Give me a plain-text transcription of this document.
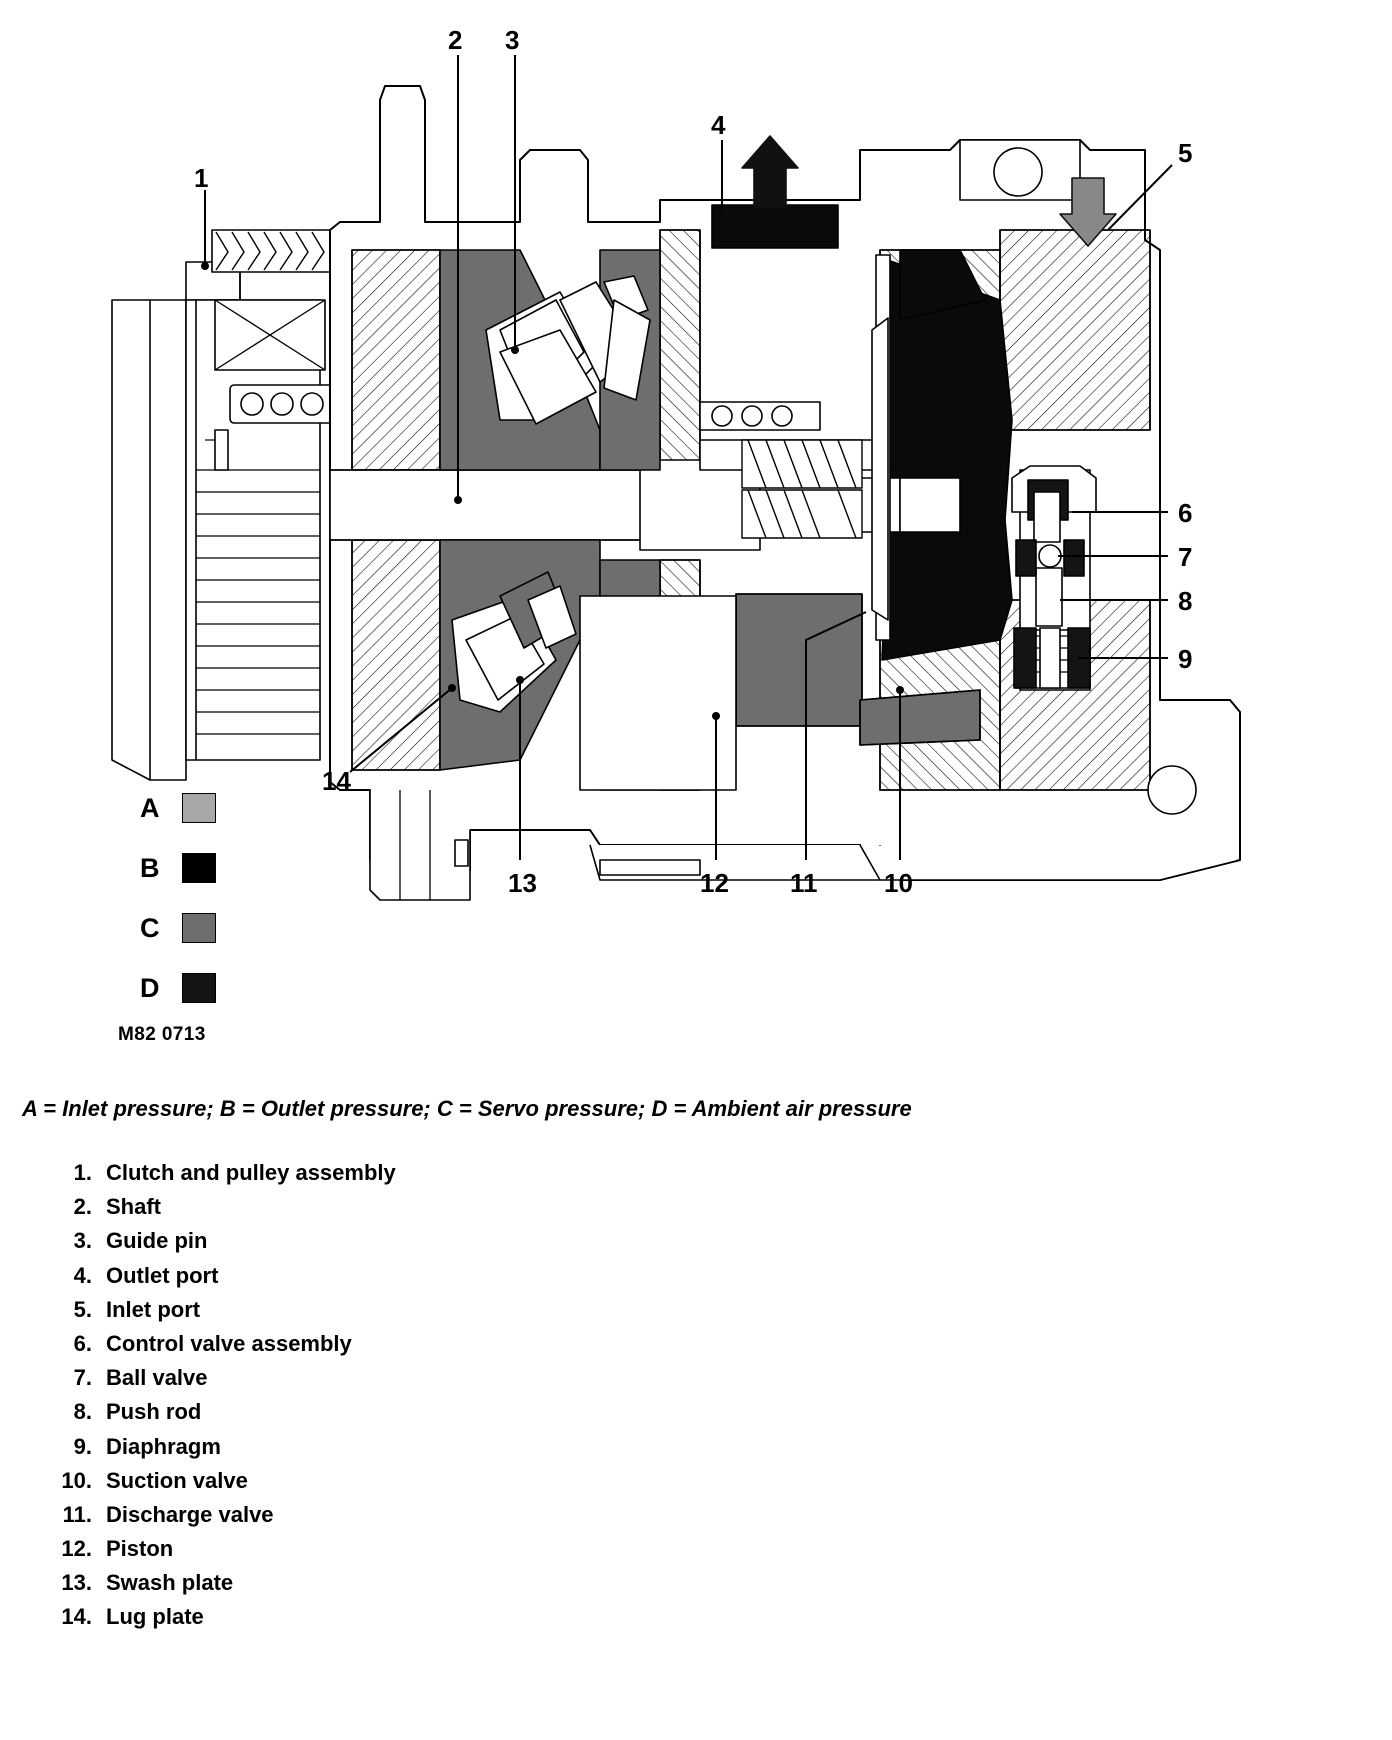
1
2 3
4
5
6
7
8
9
10
11
12
13
14
A
B
C
D
M82 0713
A = Inlet pressure; B = Outlet pressure; C = Servo pressure; D = Ambient air pressure
1. Clutch and pulley assembly
2. Shaft
3. Guide pin
4. Outlet port
5. Inlet port
6. Control valve assembly
7. Ball valve
8. Push rod
9. Diaphragm
10. Suction valve
11. Discharge valve
12. Piston
13. Swash plate
14. Lug plate
